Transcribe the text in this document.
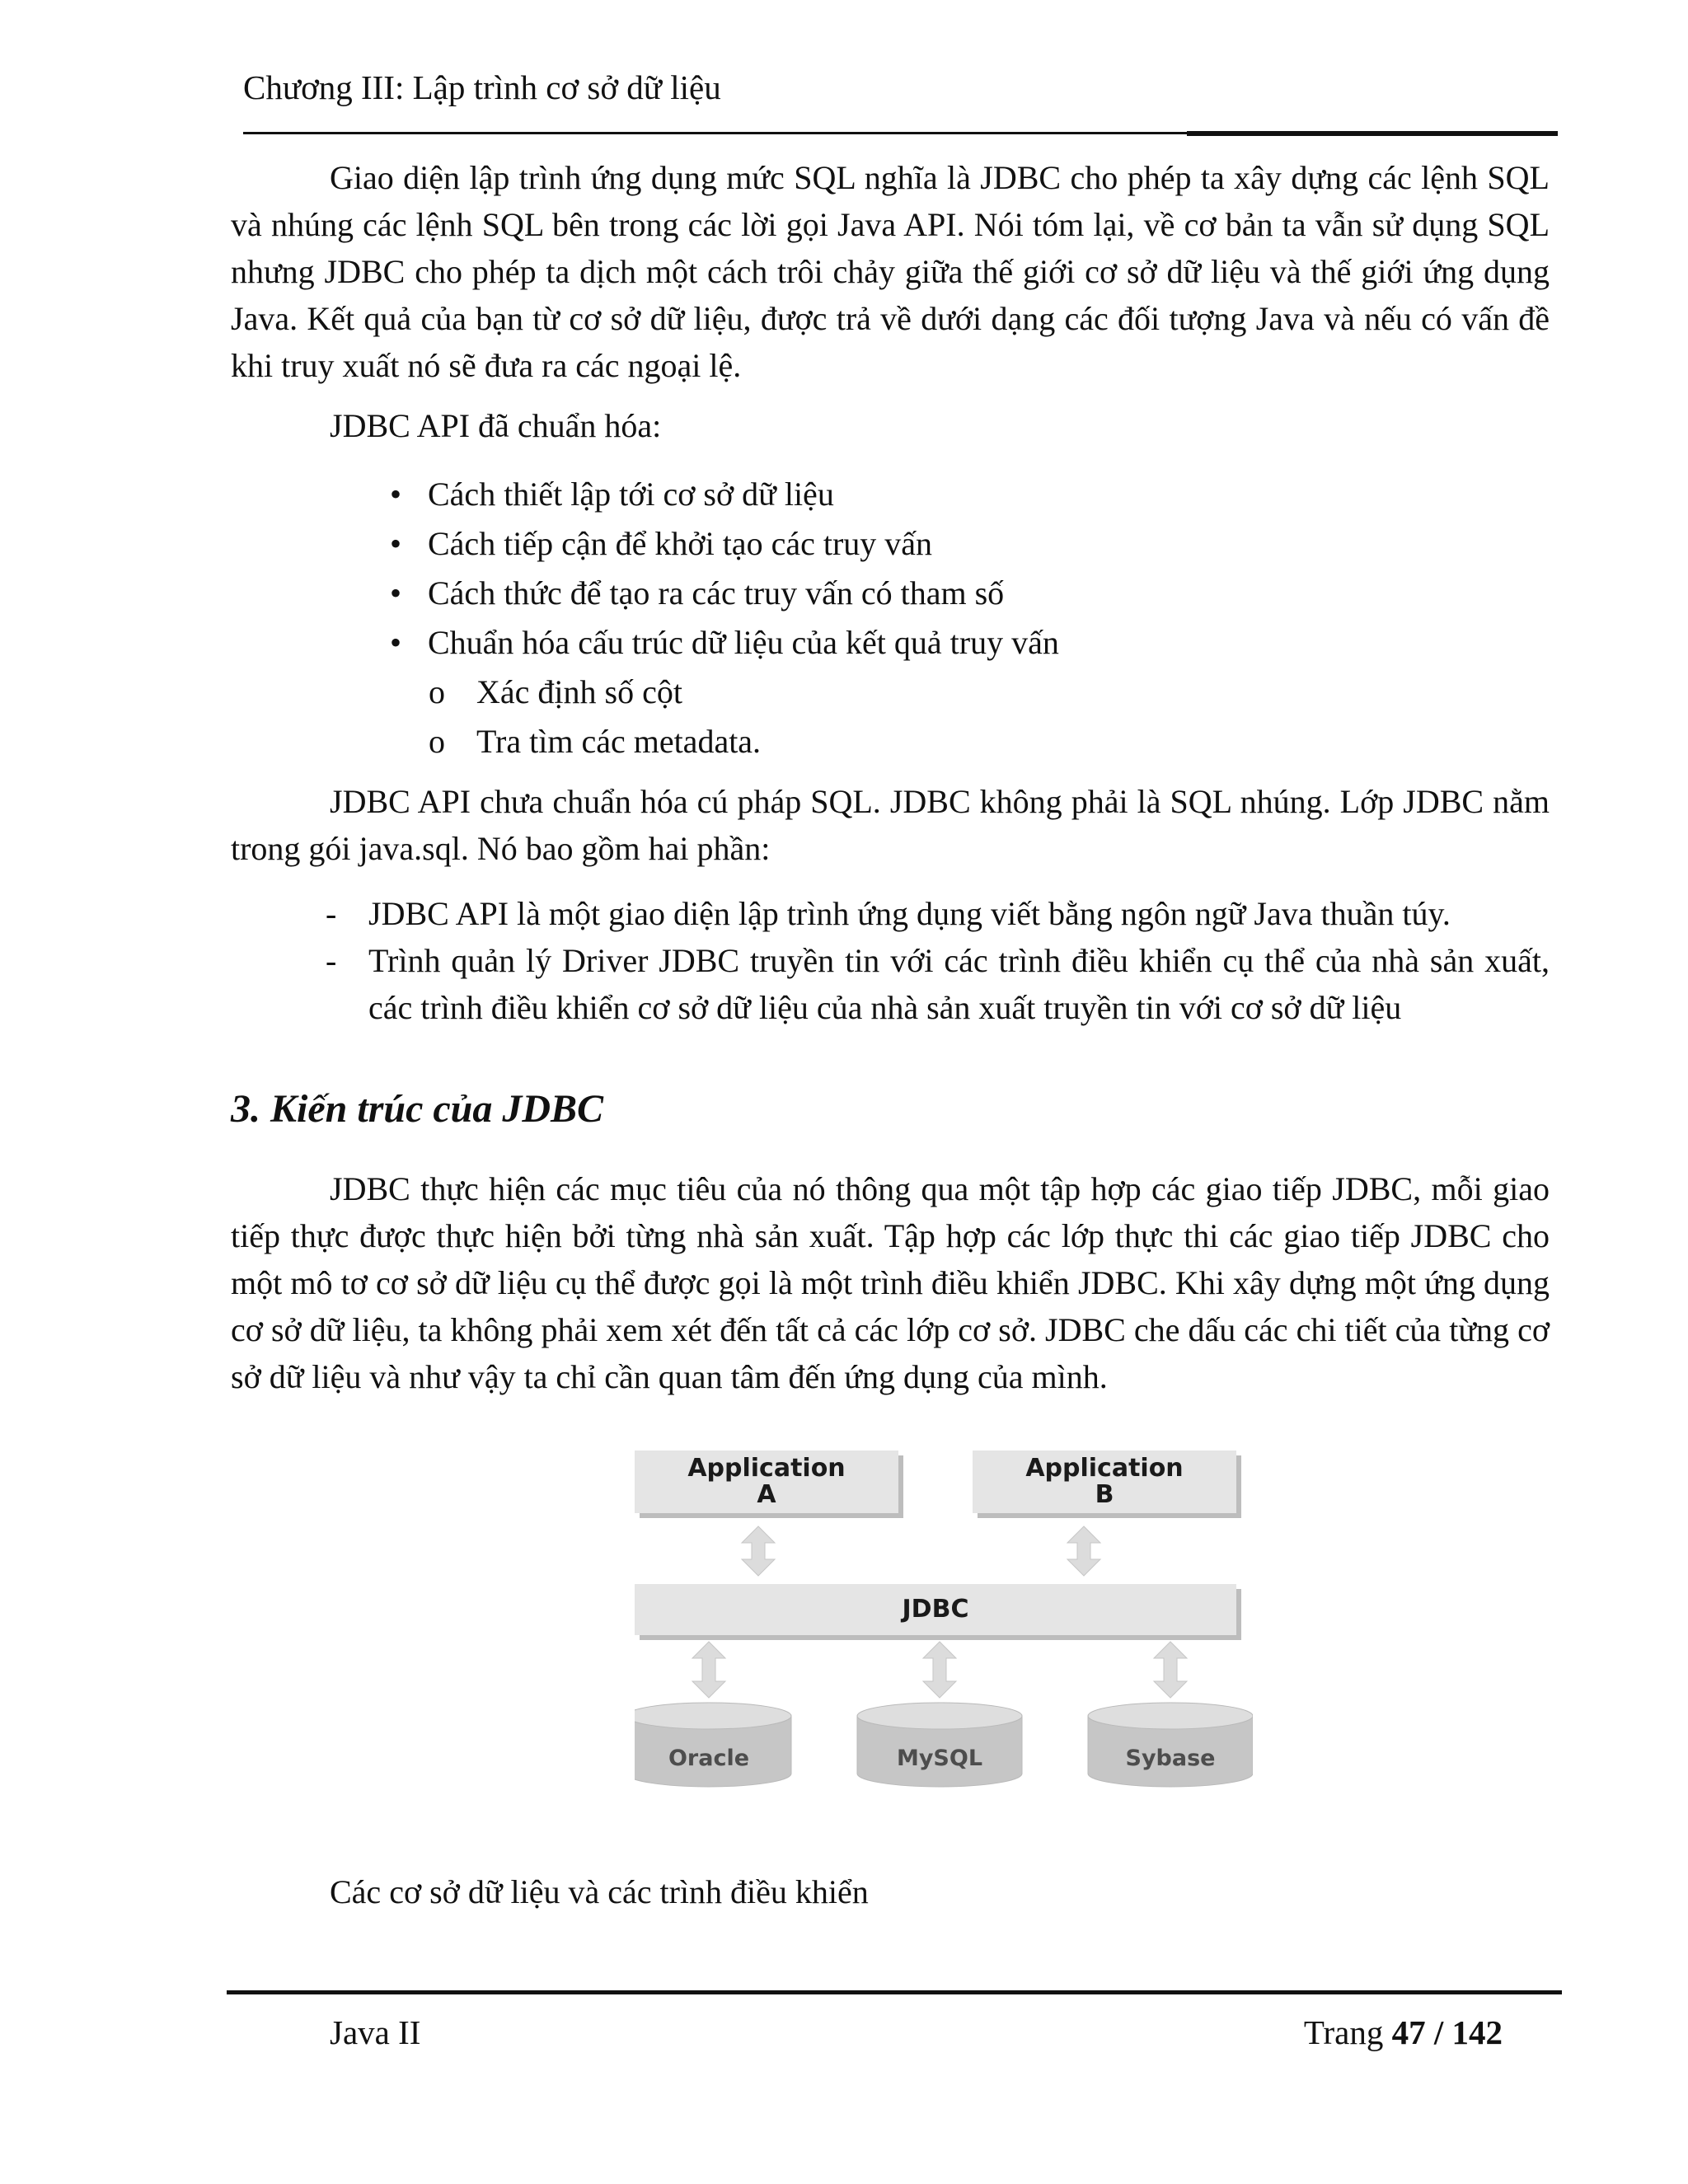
Chương III: Lập trình cơ sở dữ liệu

Giao diện lập trình ứng dụng mức SQL nghĩa là JDBC cho phép ta xây dựng các lệnh SQL và nhúng các lệnh SQL bên trong các lời gọi Java API. Nói tóm lại, về cơ bản ta vẫn sử dụng SQL nhưng JDBC cho phép ta dịch một cách trôi chảy giữa thế giới cơ sở dữ liệu và thế giới ứng dụng Java. Kết quả của bạn từ cơ sở dữ liệu, được trả về dưới dạng các đối tượng Java và nếu có vấn đề khi truy xuất nó sẽ đưa ra các ngoại lệ.

JDBC API đã chuẩn hóa:

• Cách thiết lập tới cơ sở dữ liệu
• Cách tiếp cận để khởi tạo các truy vấn
• Cách thức để tạo ra các truy vấn có tham số
• Chuẩn hóa cấu trúc dữ liệu của kết quả truy vấn
o Xác định số cột
o Tra tìm các metadata.

JDBC API chưa chuẩn hóa cú pháp SQL. JDBC không phải là SQL nhúng. Lớp JDBC nằm trong gói java.sql. Nó bao gồm hai phần:

- JDBC API là một giao diện lập trình ứng dụng viết bằng ngôn ngữ Java thuần túy.
- Trình quản lý Driver JDBC truyền tin với các trình điều khiển cụ thể của nhà sản xuất, các trình điều khiển cơ sở dữ liệu của nhà sản xuất truyền tin với cơ sở dữ liệu
3. Kiến trúc của JDBC

JDBC thực hiện các mục tiêu của nó thông qua một tập hợp các giao tiếp JDBC, mỗi giao tiếp thực được thực hiện bởi từng nhà sản xuất. Tập hợp các lớp thực thi các giao tiếp JDBC cho một mô tơ cơ sở dữ liệu cụ thể được gọi là một trình điều khiển JDBC. Khi xây dựng một ứng dụng cơ sở dữ liệu, ta không phải xem xét đến tất cả các lớp cơ sở. JDBC che dấu các chi tiết của từng cơ sở dữ liệu và như vậy ta chỉ cần quan tâm đến ứng dụng của mình.

Application
A
Application
B
JDBC
Oracle	MySQL	Sybase

Các cơ sở dữ liệu và các trình điều khiển

Java II	Trang 47 / 142
